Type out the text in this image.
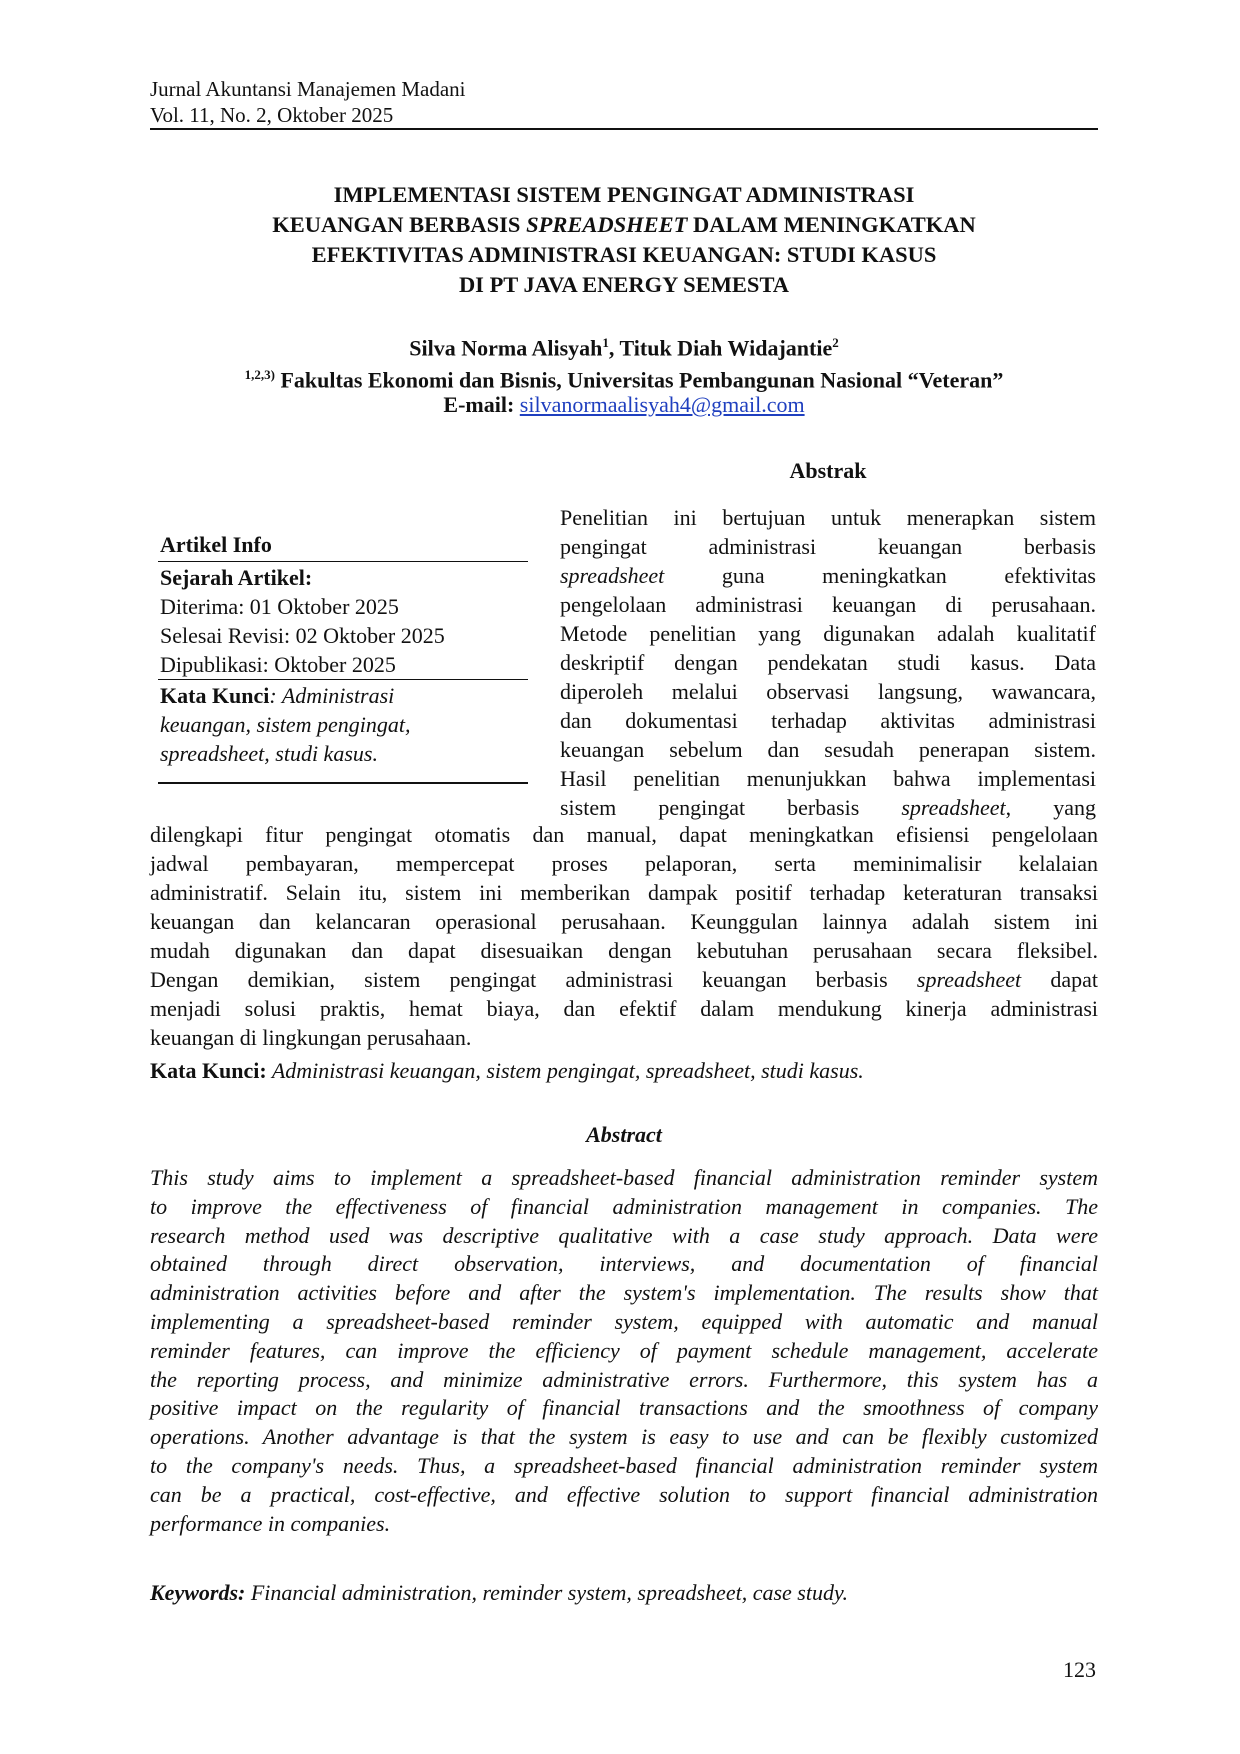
Jurnal Akuntansi Manajemen Madani
Vol. 11, No. 2, Oktober 2025
IMPLEMENTASI SISTEM PENGINGAT ADMINISTRASI
KEUANGAN BERBASIS SPREADSHEET DALAM MENINGKATKAN
EFEKTIVITAS ADMINISTRASI KEUANGAN: STUDI KASUS
DI PT JAVA ENERGY SEMESTA
Silva Norma Alisyah$^1$, Tituk Diah Widajantie$^2$
$^{1,2,3)}$ Fakultas Ekonomi dan Bisnis, Universitas Pembangunan Nasional “Veteran”
E-mail: silvanormaalisyah4@gmail.com
Abstrak
Artikel Info
Sejarah Artikel:
Diterima: 01 Oktober 2025
Selesai Revisi: 02 Oktober 2025
Dipublikasi: Oktober 2025
Kata Kunci: Administrasi
keuangan, sistem pengingat,
spreadsheet, studi kasus.
Penelitian ini bertujuan untuk menerapkan sistem
pengingat administrasi keuangan berbasis
spreadsheet guna meningkatkan efektivitas
pengelolaan administrasi keuangan di perusahaan.
Metode penelitian yang digunakan adalah kualitatif
deskriptif dengan pendekatan studi kasus. Data
diperoleh melalui observasi langsung, wawancara,
dan dokumentasi terhadap aktivitas administrasi
keuangan sebelum dan sesudah penerapan sistem.
Hasil penelitian menunjukkan bahwa implementasi
sistem pengingat berbasis spreadsheet, yang
dilengkapi fitur pengingat otomatis dan manual, dapat meningkatkan efisiensi pengelolaan
jadwal pembayaran, mempercepat proses pelaporan, serta meminimalisir kelalaian
administratif. Selain itu, sistem ini memberikan dampak positif terhadap keteraturan transaksi
keuangan dan kelancaran operasional perusahaan. Keunggulan lainnya adalah sistem ini
mudah digunakan dan dapat disesuaikan dengan kebutuhan perusahaan secara fleksibel.
Dengan demikian, sistem pengingat administrasi keuangan berbasis spreadsheet dapat
menjadi solusi praktis, hemat biaya, dan efektif dalam mendukung kinerja administrasi
keuangan di lingkungan perusahaan.
Kata Kunci: Administrasi keuangan, sistem pengingat, spreadsheet, studi kasus.
Abstract
This study aims to implement a spreadsheet-based financial administration reminder system
to improve the effectiveness of financial administration management in companies. The
research method used was descriptive qualitative with a case study approach. Data were
obtained through direct observation, interviews, and documentation of financial
administration activities before and after the system's implementation. The results show that
implementing a spreadsheet-based reminder system, equipped with automatic and manual
reminder features, can improve the efficiency of payment schedule management, accelerate
the reporting process, and minimize administrative errors. Furthermore, this system has a
positive impact on the regularity of financial transactions and the smoothness of company
operations. Another advantage is that the system is easy to use and can be flexibly customized
to the company's needs. Thus, a spreadsheet-based financial administration reminder system
can be a practical, cost-effective, and effective solution to support financial administration
performance in companies.
Keywords: Financial administration, reminder system, spreadsheet, case study.
123
